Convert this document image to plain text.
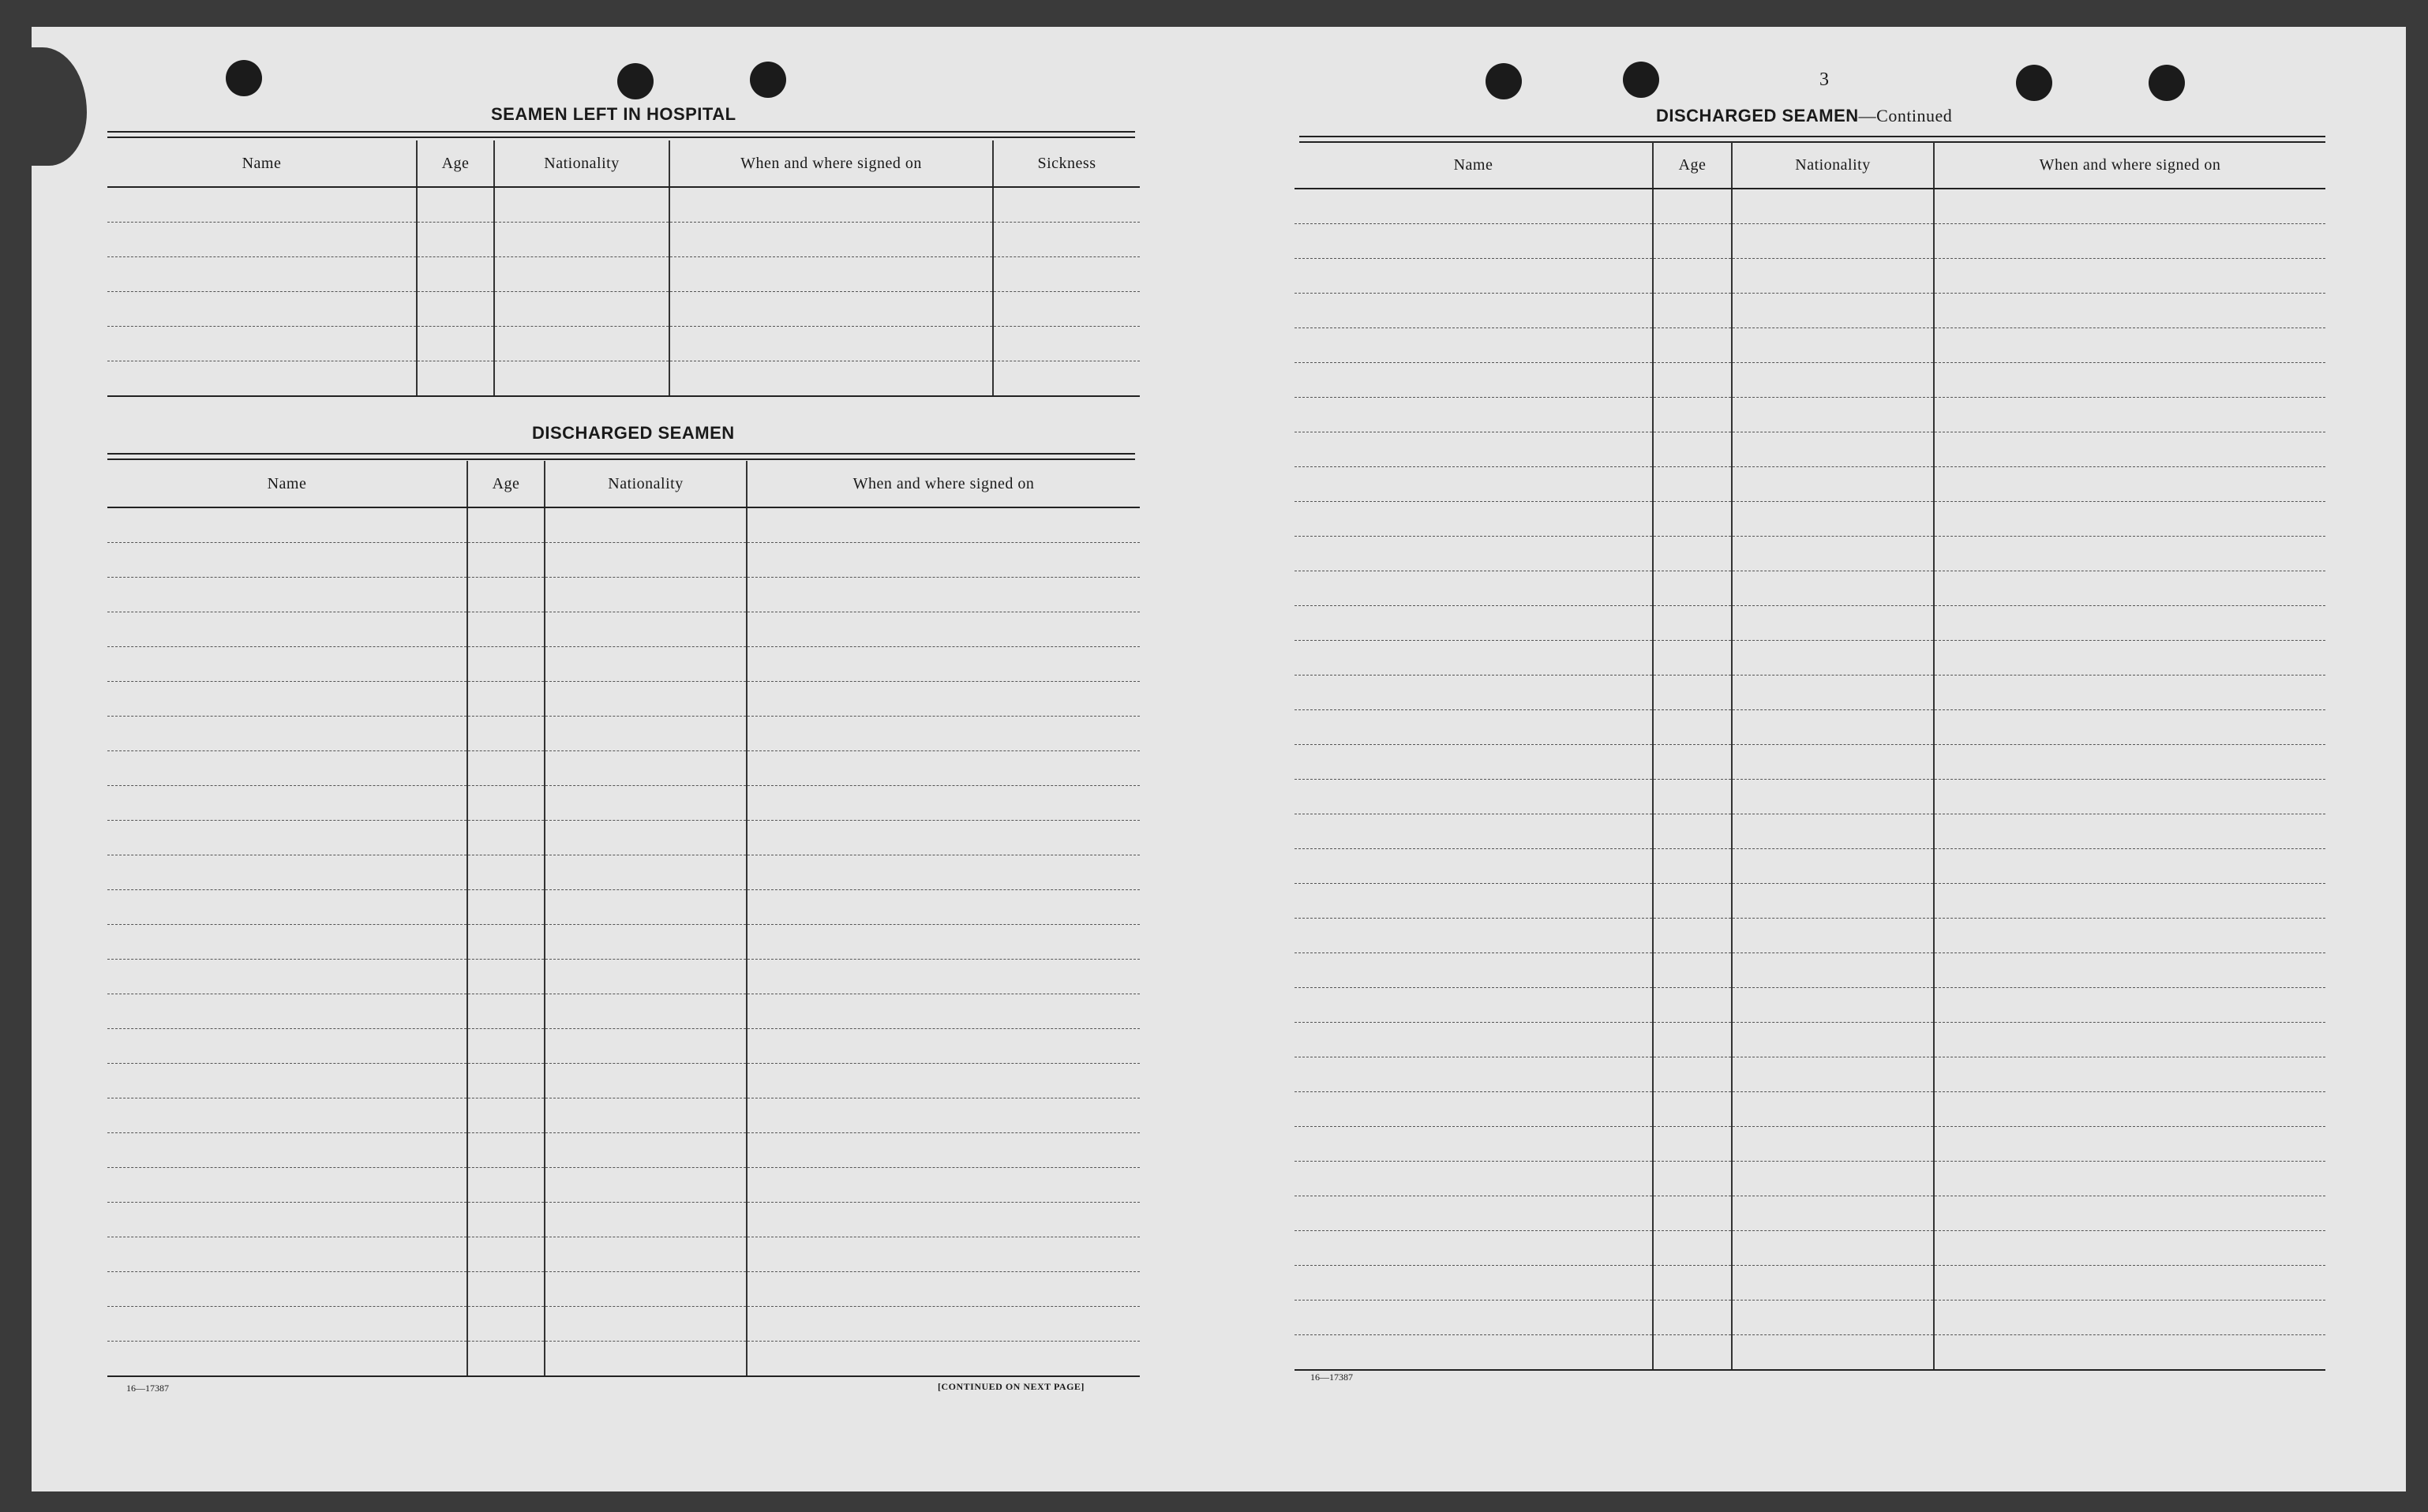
3
SEAMEN LEFT IN HOSPITAL
Name	Age	Nationality	When and where signed on	Sickness

DISCHARGED SEAMEN
Name	Age	Nationality	When and where signed on

16—17387	[CONTINUED ON NEXT PAGE]
DISCHARGED SEAMEN—Continued
Name	Age	Nationality	When and where signed on

16—17387
